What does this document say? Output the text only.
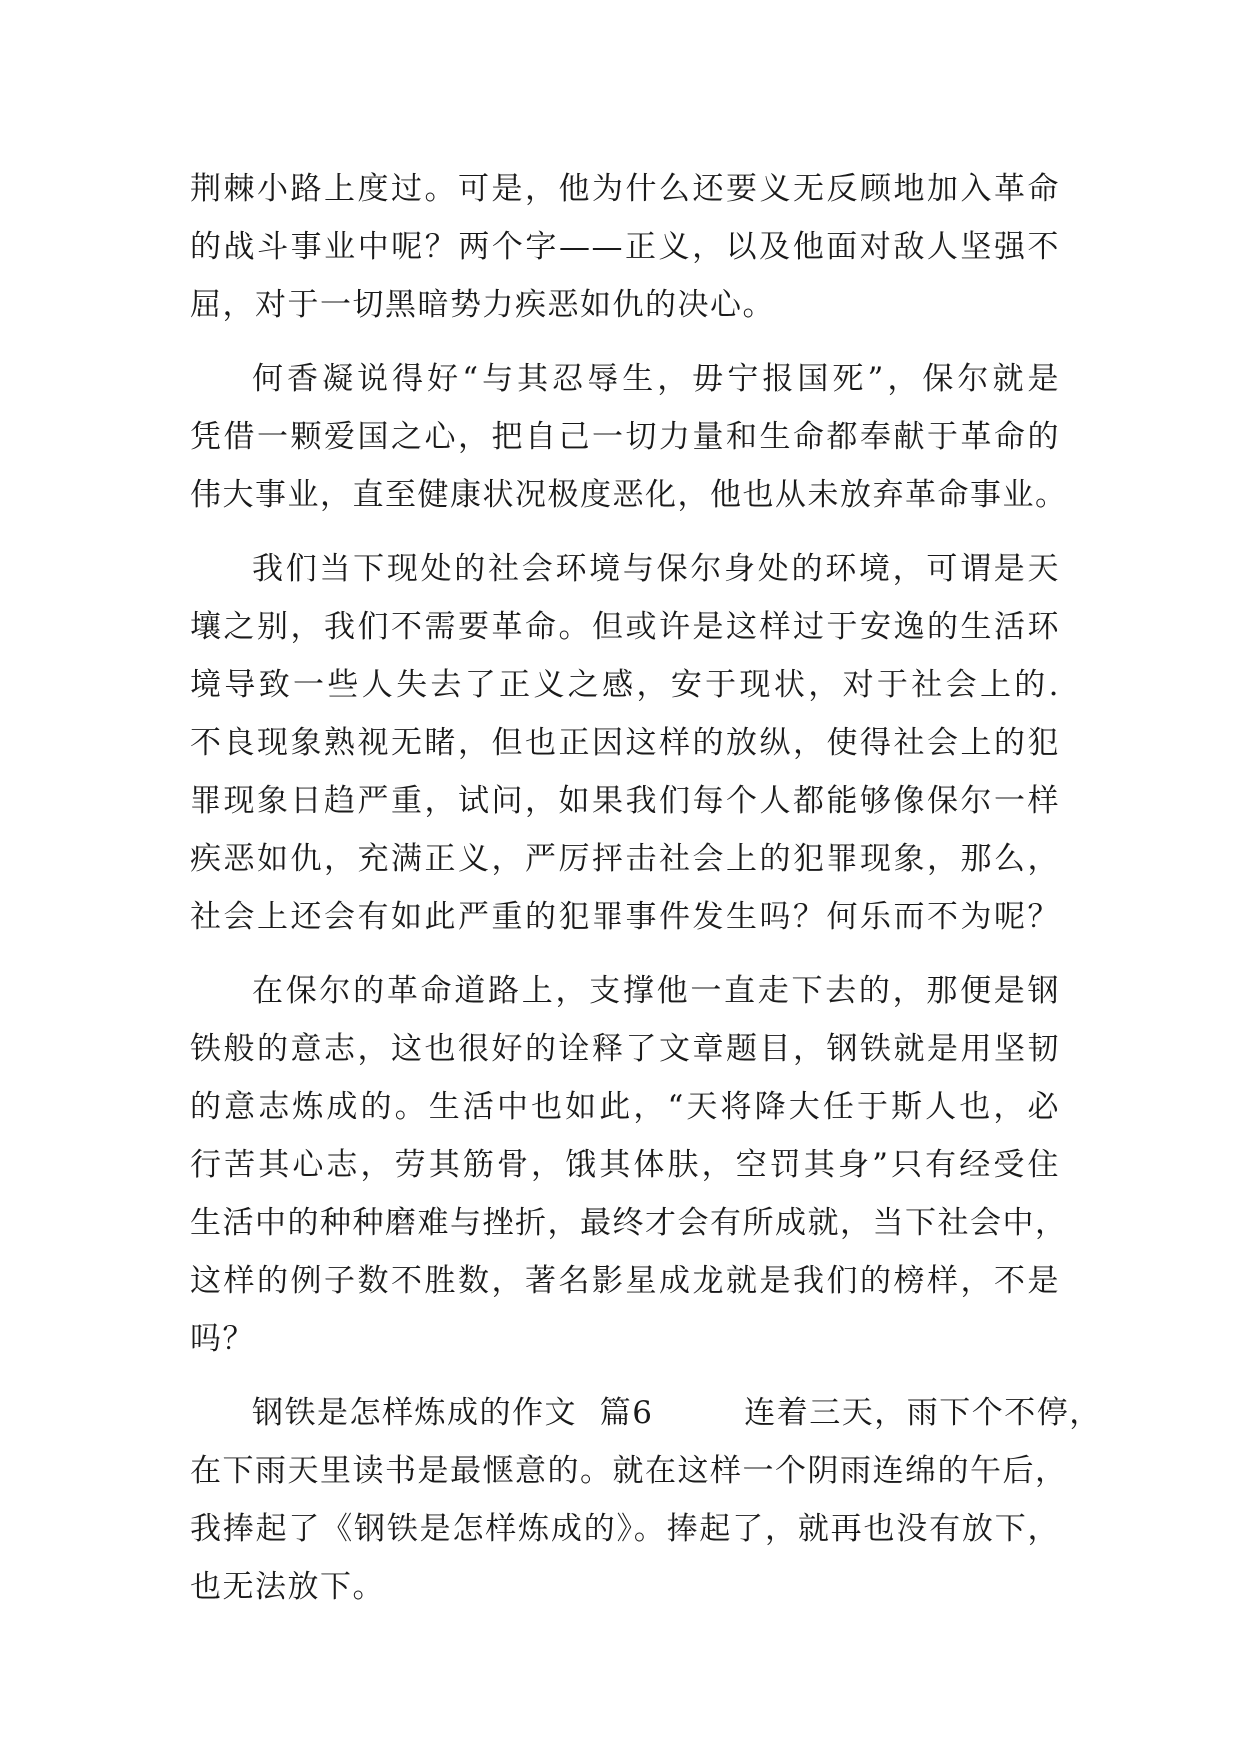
荆棘小路上度过。可是，他为什么还要义无反顾地加入革命
的战斗事业中呢？两个字——正义，以及他面对敌人坚强不
屈，对于一切黑暗势力疾恶如仇的决心。
何香凝说得好“与其忍辱生，毋宁报国死”，保尔就是
凭借一颗爱国之心，把自己一切力量和生命都奉献于革命的
伟大事业，直至健康状况极度恶化，他也从未放弃革命事业。
我们当下现处的社会环境与保尔身处的环境，可谓是天
壤之别，我们不需要革命。但或许是这样过于安逸的生活环
境导致一些人失去了正义之感，安于现状，对于社会上的.
不良现象熟视无睹，但也正因这样的放纵，使得社会上的犯
罪现象日趋严重，试问，如果我们每个人都能够像保尔一样
疾恶如仇，充满正义，严厉抨击社会上的犯罪现象，那么，
社会上还会有如此严重的犯罪事件发生吗？何乐而不为呢？
在保尔的革命道路上，支撑他一直走下去的，那便是钢
铁般的意志，这也很好的诠释了文章题目，钢铁就是用坚韧
的意志炼成的。生活中也如此，“天将降大任于斯人也，必
行苦其心志，劳其筋骨，饿其体肤，空罚其身”只有经受住
生活中的种种磨难与挫折，最终才会有所成就，当下社会中，
这样的例子数不胜数，著名影星成龙就是我们的榜样，不是
吗？
钢铁是怎样炼成的作文  篇6        连着三天，雨下个不停，
在下雨天里读书是最惬意的。就在这样一个阴雨连绵的午后，
我捧起了《钢铁是怎样炼成的》。捧起了，就再也没有放下，
也无法放下。
